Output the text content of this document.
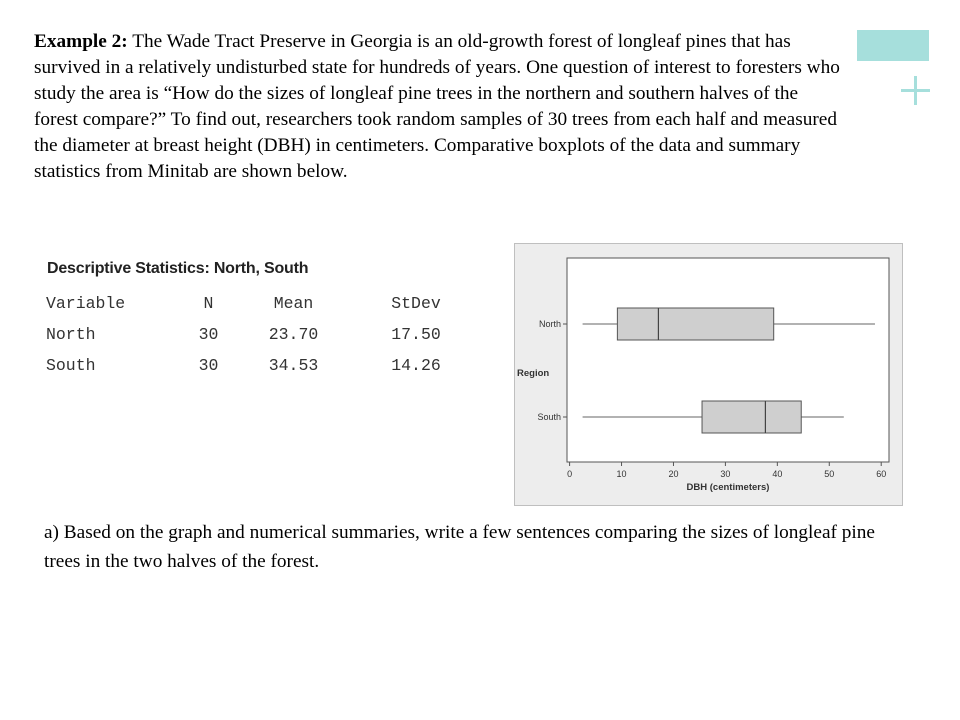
Example 2: The Wade Tract Preserve in Georgia is an old-growth forest of longleaf pines that has survived in a relatively undisturbed state for hundreds of years. One question of interest to foresters who study the area is “How do the sizes of longleaf pine trees in the northern and southern halves of the forest compare?” To find out, researchers took random samples of 30 trees from each half and measured the diameter at breast height (DBH) in centimeters. Comparative boxplots of the data and summary statistics from Minitab are shown below.

Descriptive Statistics: North, South
Variable	N	Mean	StDev
North	30	23.70	17.50
South	30	34.53	14.26
0	10	20	30	40	50	60
DBH (centimeters)
Region
North
South

a) Based on the graph and numerical summaries, write a few sentences comparing the sizes of longleaf pine trees in the two halves of the forest.
